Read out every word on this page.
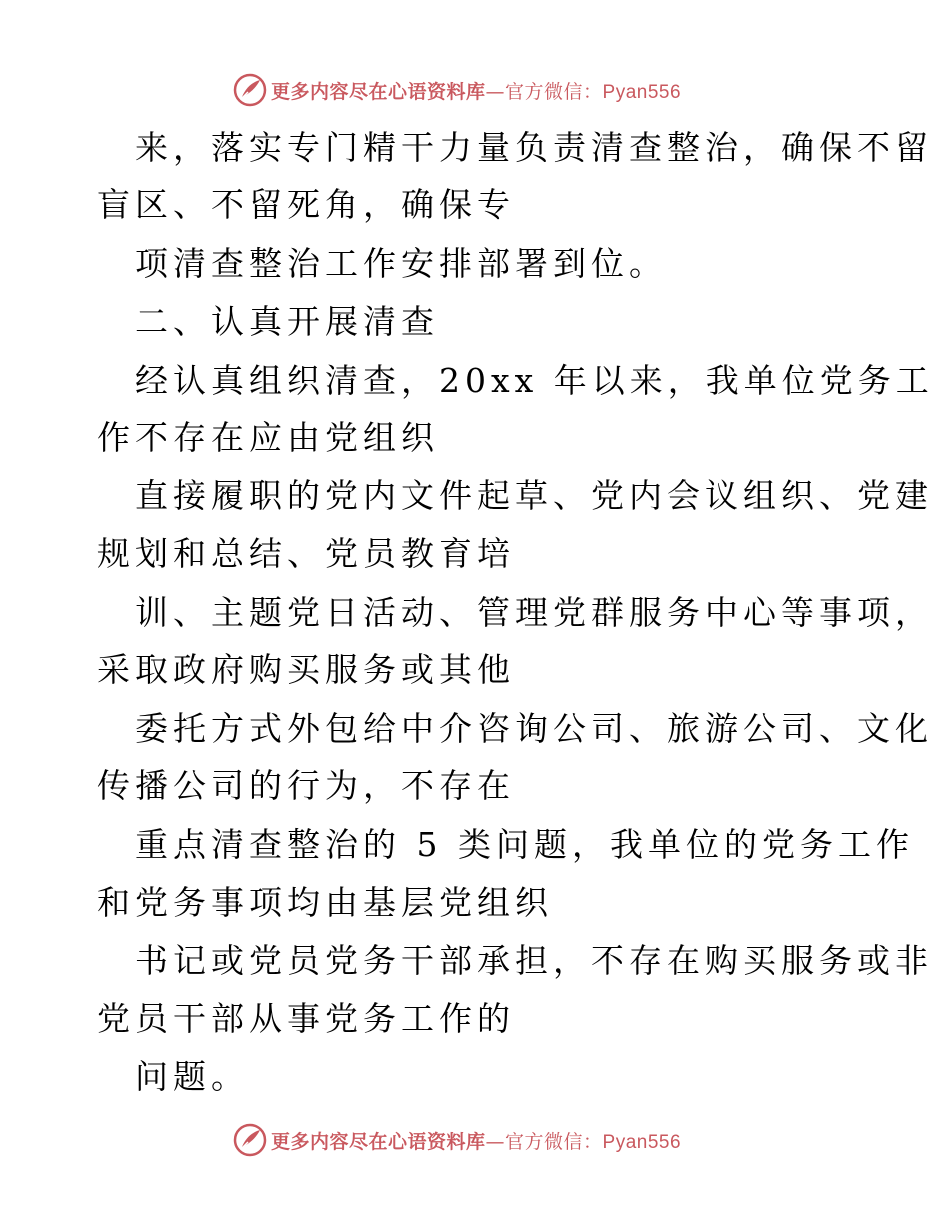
更多内容尽在心语资料库—官方微信：Pyan556
来，落实专门精干力量负责清查整治，确保不留
盲区、不留死角，确保专
项清查整治工作安排部署到位。
二、认真开展清查
经认真组织清查，20xx 年以来，我单位党务工
作不存在应由党组织
直接履职的党内文件起草、党内会议组织、党建
规划和总结、党员教育培
训、主题党日活动、管理党群服务中心等事项，
采取政府购买服务或其他
委托方式外包给中介咨询公司、旅游公司、文化
传播公司的行为，不存在
重点清查整治的 5 类问题，我单位的党务工作
和党务事项均由基层党组织
书记或党员党务干部承担，不存在购买服务或非
党员干部从事党务工作的
问题。
更多内容尽在心语资料库—官方微信：Pyan556
